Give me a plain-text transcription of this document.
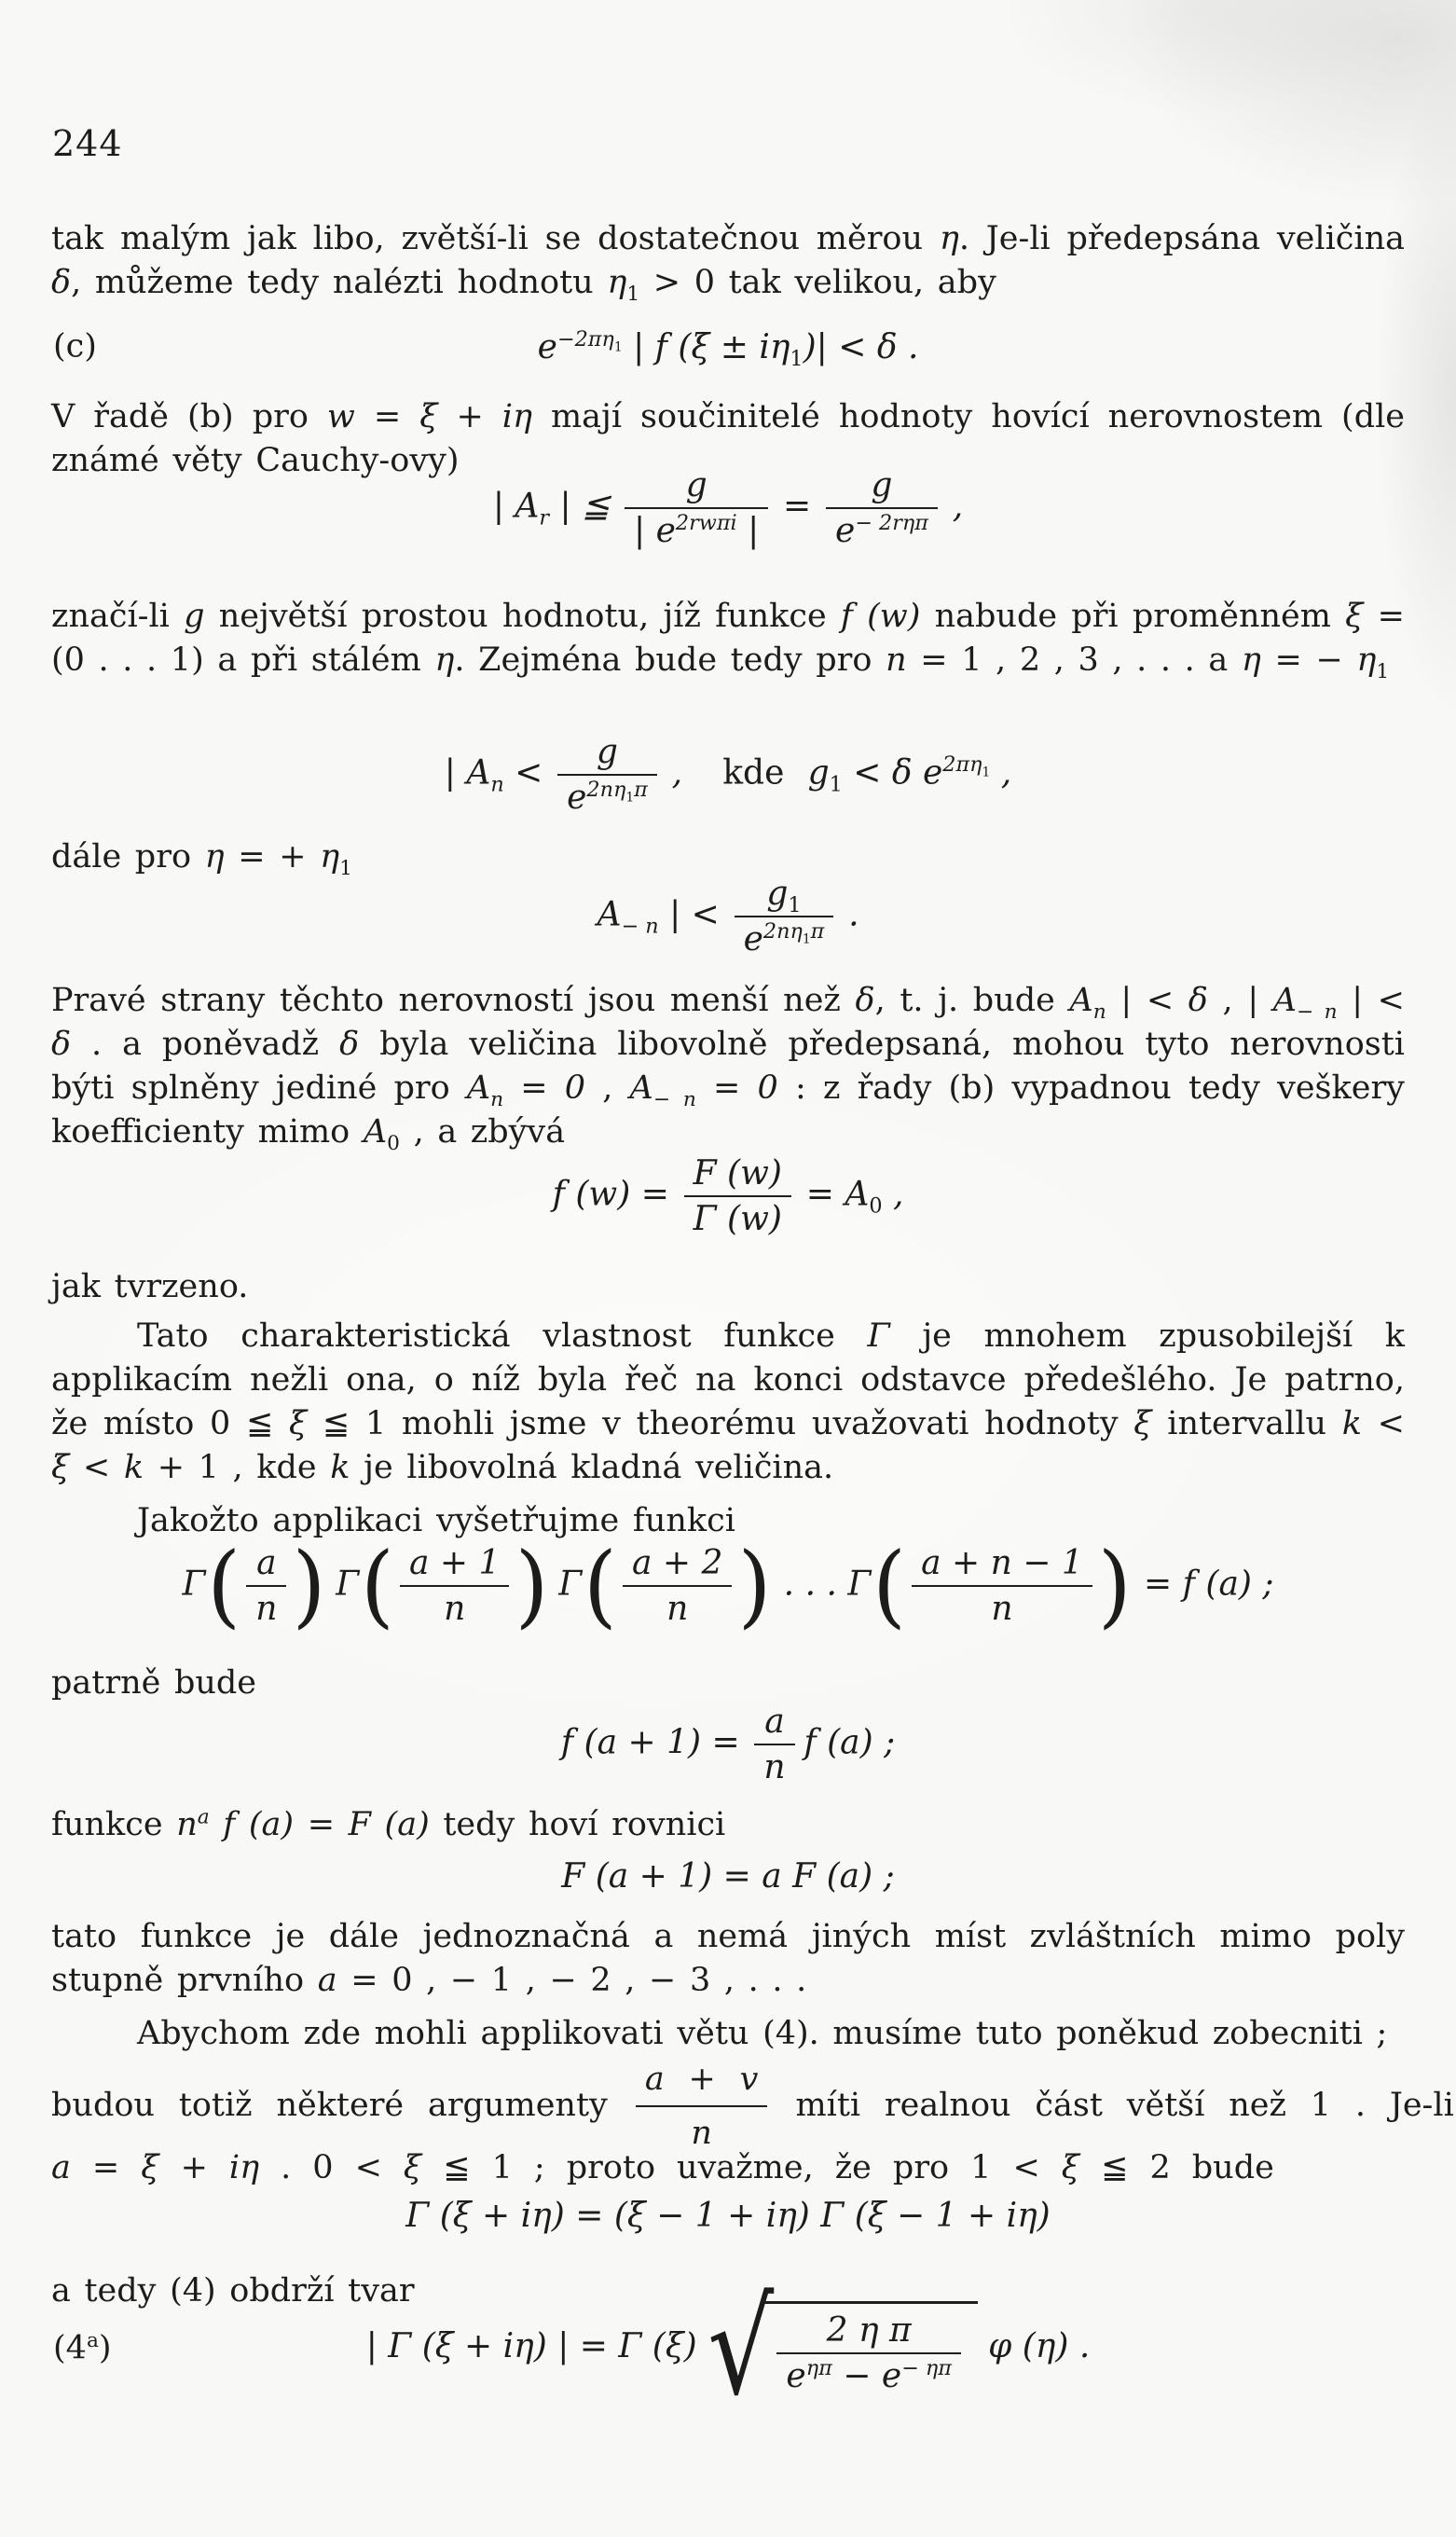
244
tak malým jak libo, zvětší-li se dostatečnou měrou η. Je-li předepsána veličina δ, můžeme tedy nalézti hodnotu $\eta_1 > 0$ tak velikou, aby
(c)	$e^{-2\pi\eta_1}$ | f $(\xi \pm i\eta_1)| < \delta$ .
V řadě (b) pro w = ξ + iη mají součinitelé hodnoty hovící nerovnostem (dle známé věty Cauchy-ovy)
| $A_r$ | ≦ $\frac{g}{| e^{2rw\pi i} |} = \frac{g}{e^{- 2r\eta\pi}}$ ,
značí-li g největší prostou hodnotu, jíž funkce f (w) nabude při proměnném ξ = (0 . . . 1) a při stálém η. Zejména bude tedy pro n = 1 , 2 , 3 , . . . a η = − $\eta_1$
| $A_n < \frac{g}{e^{2n\eta_1\pi}}$ , kde $g_1 < \delta$ $e^{2\pi\eta_1}$ ,
dále pro η = + $\eta_1$
$A_{- n}$ | < $\frac{g_1}{e^{2n\eta_1\pi}}$ .
Pravé strany těchto nerovností jsou menší než δ, t. j. bude $A_n$ | < δ , | $A_{- n}$ | < δ . a poněvadž δ byla veličina libovolně předepsaná, mohou tyto nerovnosti býti splněny jediné pro $A_n = 0$ , $A_{- n} = 0$ : z řady (b) vypadnou tedy veškery koefficienty mimo $A_0$ , a zbývá
f $(w) = \frac{F (w)}{\Gamma (w)} = A_0$ ,
jak tvrzeno.
Tato charakteristická vlastnost funkce Γ je mnohem zpusobilejší k applikacím nežli ona, o níž byla řeč na konci odstavce předešlého. Je patrno, že místo 0 ≦ ξ ≦ 1 mohli jsme v theorému uvažovati hodnoty ξ intervallu k < ξ < k + 1 , kde k je libovolná kladná veličina.
Jakožto applikaci vyšetřujme funkci
$\Gamma( \frac{a}{n}$ ) $\Gamma( \frac{a + 1}{n}$ ) $\Gamma( \frac{a + 2}{n}$ ) . . . $\Gamma( \frac{a + n - 1}{n}$ ) = f (a) ;
patrně bude
f $(a + 1) = \frac{a}{n}$ f (a) ;
funkce $n^a$ f (a) = F (a) tedy hoví rovnici
F (a + 1) = a F (a) ;
tato funkce je dále jednoznačná a nemá jiných míst zvláštních mimo poly stupně prvního a = 0 , − 1 , − 2 , − 3 , . . .
Abychom zde mohli applikovati větu (4). musíme tuto poněkud zobecniti ;
budou totiž některé argumenty $\frac{a + v}{n}$ míti realnou část větší než 1 . Je-li
a = ξ + iη . 0 < ξ ≦ 1 ; proto uvažme, že pro 1 < ξ ≦ 2 bude
Γ (ξ + iη) = (ξ − 1 + iη) Γ (ξ − 1 + iη)
a tedy (4) obdrží tvar
(4$^a$)	| Γ (ξ + iη) | = Γ (ξ) √ $\frac{\text{2 η π}}{e^{\eta\pi} - e^{- \eta\pi}}$ φ (η) .
